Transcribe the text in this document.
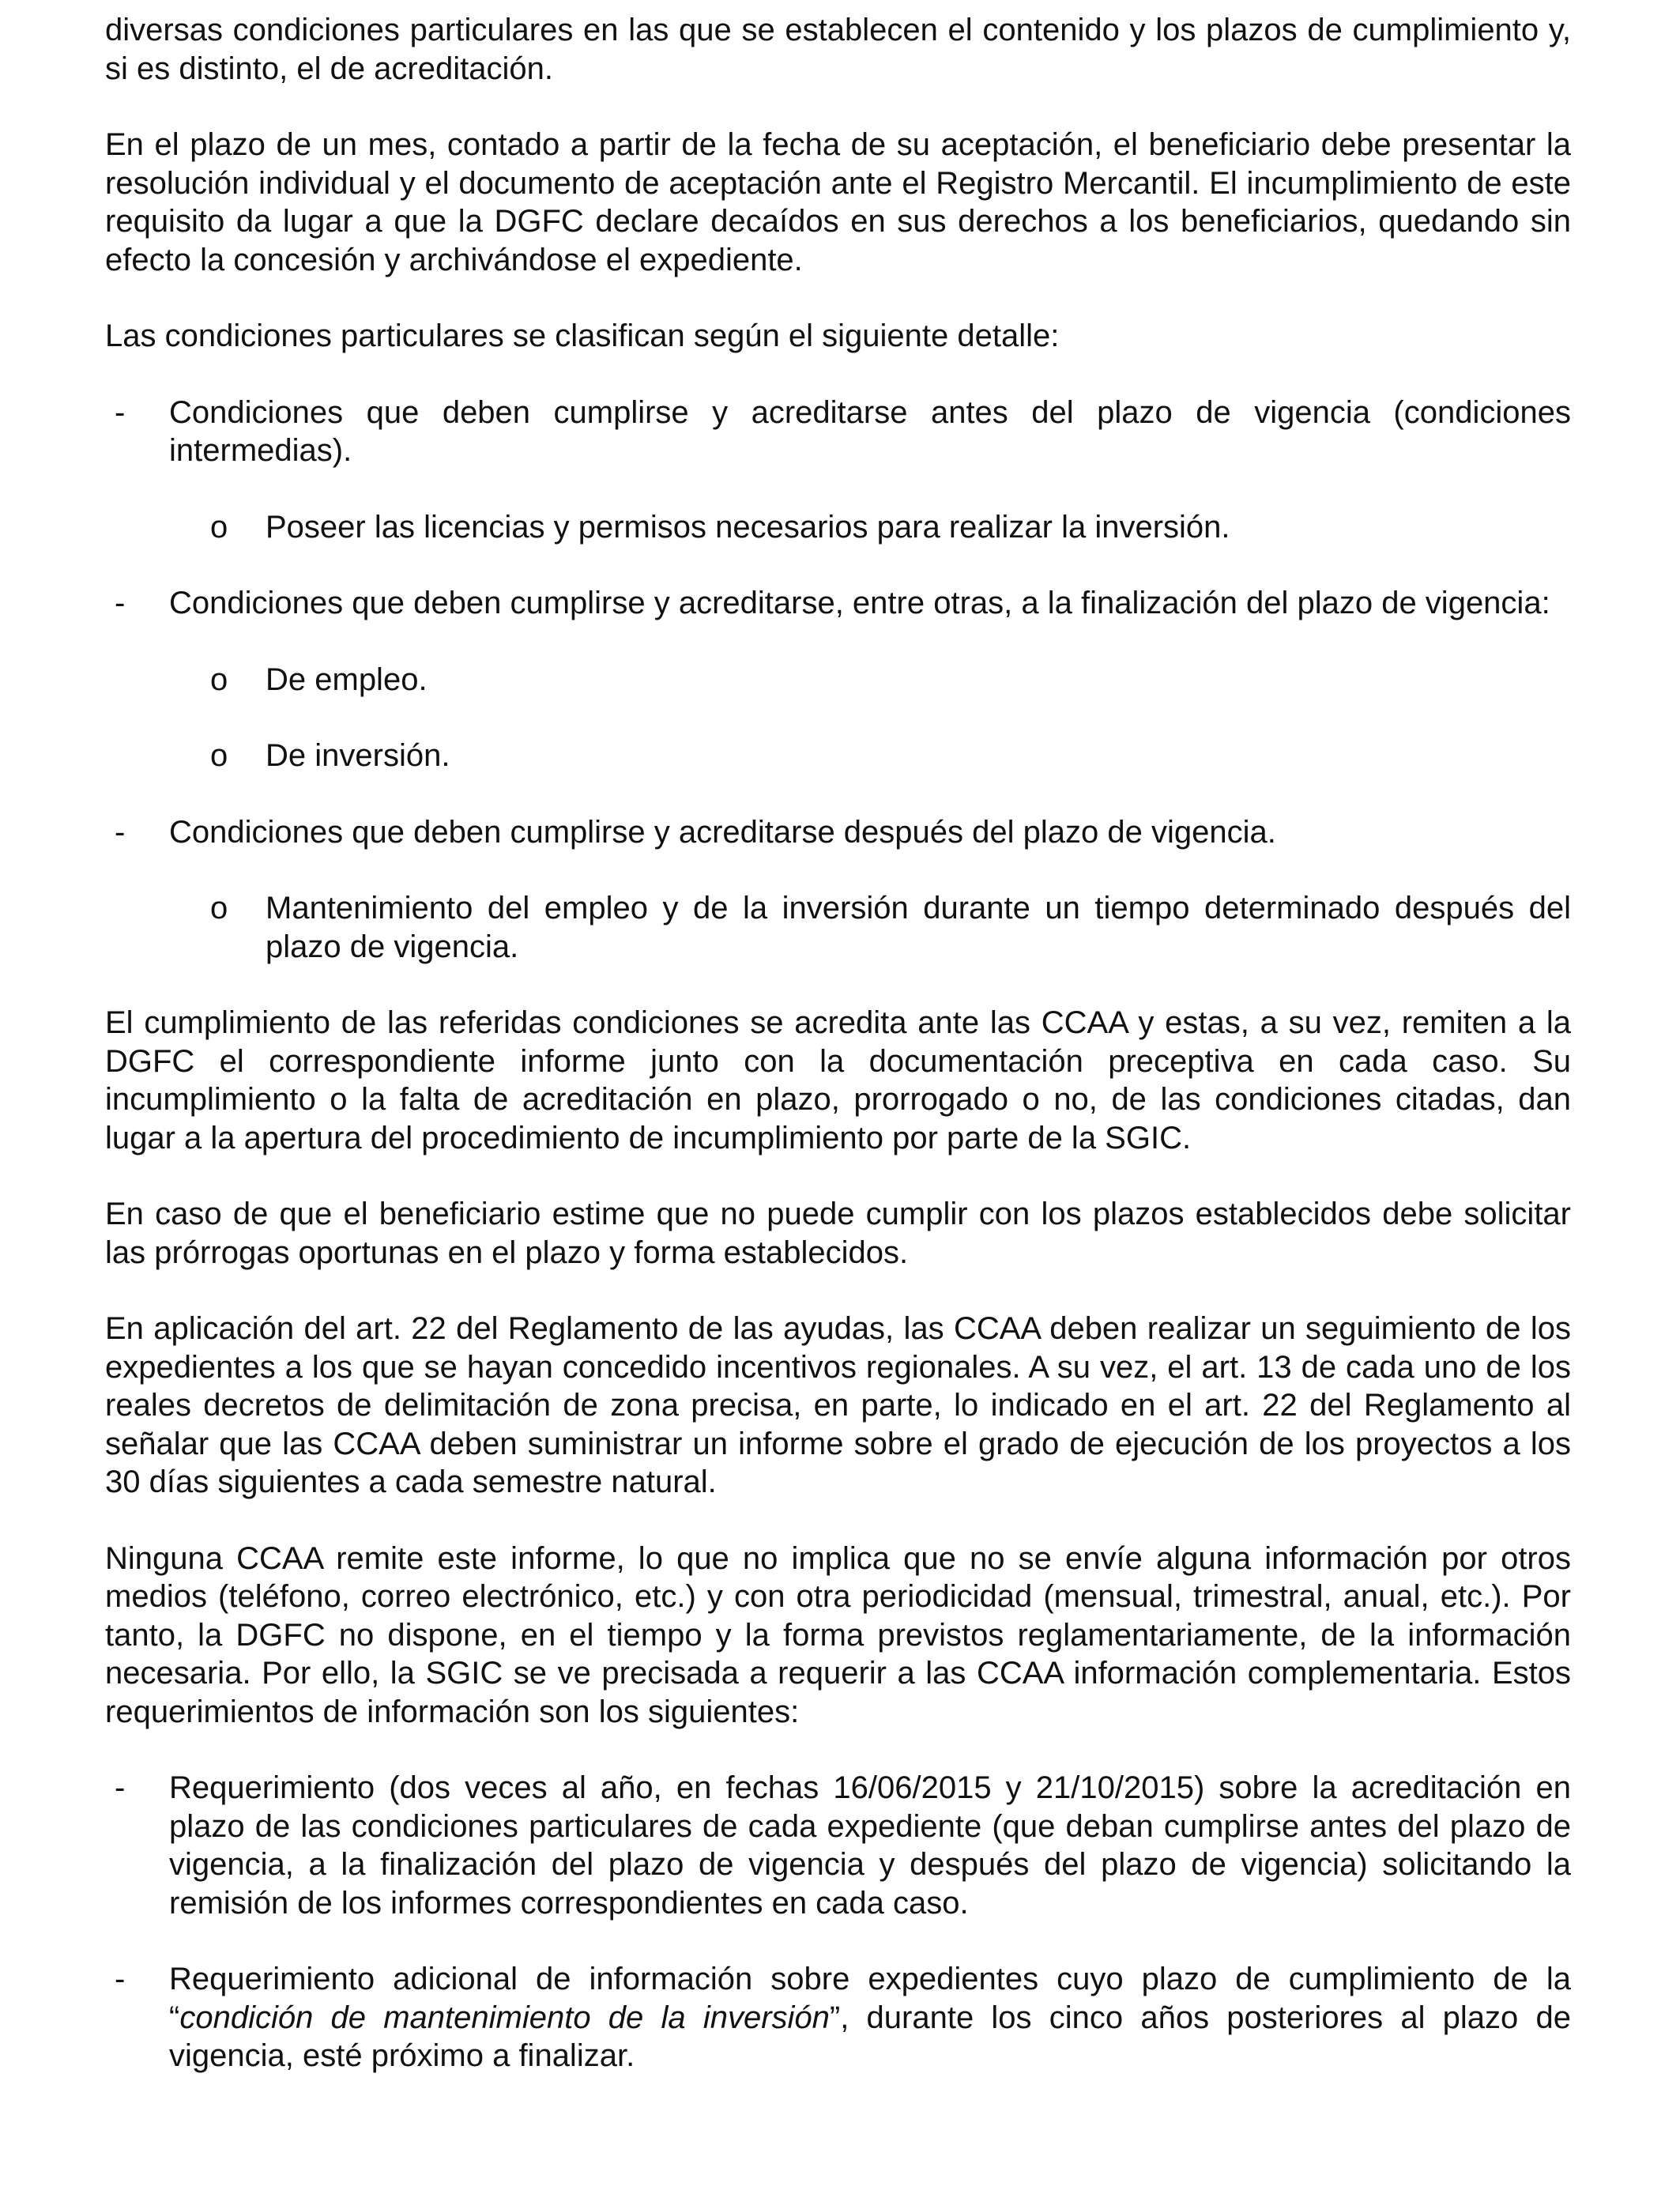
diversas condiciones particulares en las que se establecen el contenido y los plazos de cumplimiento y, si es distinto, el de acreditación.

En el plazo de un mes, contado a partir de la fecha de su aceptación, el beneficiario debe presentar la resolución individual y el documento de aceptación ante el Registro Mercantil. El incumplimiento de este requisito da lugar a que la DGFC declare decaídos en sus derechos a los beneficiarios, quedando sin efecto la concesión y archivándose el expediente.

Las condiciones particulares se clasifican según el siguiente detalle:

- Condiciones que deben cumplirse y acreditarse antes del plazo de vigencia (condiciones intermedias).
o Poseer las licencias y permisos necesarios para realizar la inversión.
- Condiciones que deben cumplirse y acreditarse, entre otras, a la finalización del plazo de vigencia:
o De empleo.
o De inversión.
- Condiciones que deben cumplirse y acreditarse después del plazo de vigencia.
o Mantenimiento del empleo y de la inversión durante un tiempo determinado después del plazo de vigencia.

El cumplimiento de las referidas condiciones se acredita ante las CCAA y estas, a su vez, remiten a la DGFC el correspondiente informe junto con la documentación preceptiva en cada caso. Su incumplimiento o la falta de acreditación en plazo, prorrogado o no, de las condiciones citadas, dan lugar a la apertura del procedimiento de incumplimiento por parte de la SGIC.

En caso de que el beneficiario estime que no puede cumplir con los plazos establecidos debe solicitar las prórrogas oportunas en el plazo y forma establecidos.

En aplicación del art. 22 del Reglamento de las ayudas, las CCAA deben realizar un seguimiento de los expedientes a los que se hayan concedido incentivos regionales. A su vez, el art. 13 de cada uno de los reales decretos de delimitación de zona precisa, en parte, lo indicado en el art. 22 del Reglamento al señalar que las CCAA deben suministrar un informe sobre el grado de ejecución de los proyectos a los 30 días siguientes a cada semestre natural.

Ninguna CCAA remite este informe, lo que no implica que no se envíe alguna información por otros medios (teléfono, correo electrónico, etc.) y con otra periodicidad (mensual, trimestral, anual, etc.). Por tanto, la DGFC no dispone, en el tiempo y la forma previstos reglamentariamente, de la información necesaria. Por ello, la SGIC se ve precisada a requerir a las CCAA información complementaria. Estos requerimientos de información son los siguientes:

- Requerimiento (dos veces al año, en fechas 16/06/2015 y 21/10/2015) sobre la acreditación en plazo de las condiciones particulares de cada expediente (que deban cumplirse antes del plazo de vigencia, a la finalización del plazo de vigencia y después del plazo de vigencia) solicitando la remisión de los informes correspondientes en cada caso.
- Requerimiento adicional de información sobre expedientes cuyo plazo de cumplimiento de la “condición de mantenimiento de la inversión”, durante los cinco años posteriores al plazo de vigencia, esté próximo a finalizar.
